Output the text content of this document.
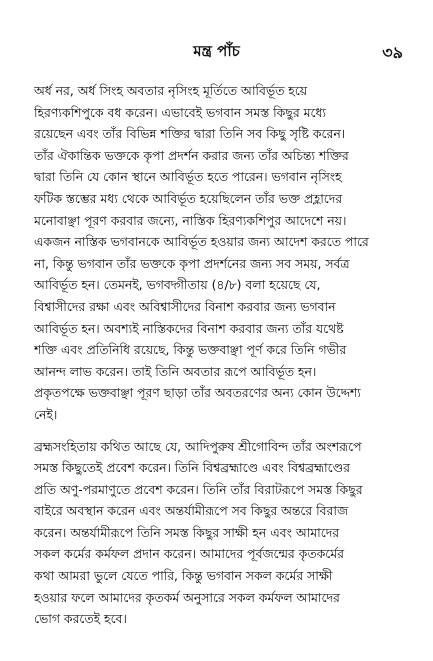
মন্ত্র পাঁচ	৩৯
অর্ধ নর, অর্ধ সিংহ অবতার নৃসিংহ মূর্তিতে আবির্ভূত হয়ে
হিরণ্যকশিপুকে বধ করেন। এভাবেই ভগবান সমস্ত কিছুর মধ্যে
রয়েছেন এবং তাঁর বিভিন্ন শক্তির দ্বারা তিনি সব কিছু সৃষ্টি করেন।
তাঁর ঐকান্তিক ভক্তকে কৃপা প্রদর্শন করার জন্য তাঁর অচিন্ত্য শক্তির
দ্বারা তিনি যে কোন স্থানে আবির্ভূত হতে পারেন। ভগবান নৃসিংহ
ফটিক স্তম্ভের মধ্য থেকে আবির্ভূত হয়েছিলেন তাঁর ভক্ত প্রহ্লাদের
মনোবাঞ্ছা পূরণ করবার জন্যে, নাস্তিক হিরণ্যকশিপুর আদেশে নয়।
একজন নাস্তিক ভগবানকে আবির্ভূত হওয়ার জন্য আদেশ করতে পারে
না, কিন্তু ভগবান তাঁর ভক্তকে কৃপা প্রদর্শনের জন্য সব সময়, সর্বত্র
আবির্ভূত হন। তেমনই, ভগবদ্গীতায় (৪/৮) বলা হয়েছে যে,
বিশ্বাসীদের রক্ষা এবং অবিশ্বাসীদের বিনাশ করবার জন্য ভগবান
আবির্ভূত হন। অবশ্যই নাস্তিকদের বিনাশ করবার জন্য তাঁর যথেষ্ট
শক্তি এবং প্রতিনিধি রয়েছে, কিন্তু ভক্তবাঞ্ছা পূর্ণ করে তিনি গভীর
আনন্দ লাভ করেন। তাই তিনি অবতার রূপে আবির্ভূত হন।
প্রকৃতপক্ষে ভক্তবাঞ্ছা পূরণ ছাড়া তাঁর অবতরণের অন্য কোন উদ্দেশ্য
নেই।
ব্রহ্মসংহিতায় কথিত আছে যে, আদিপুরুষ শ্রীগোবিন্দ তাঁর অংশরূপে
সমস্ত কিছুতেই প্রবেশ করেন। তিনি বিশ্বব্রহ্মাণ্ডে এবং বিশ্বব্রহ্মাণ্ডের
প্রতি অণু-পরমাণুতে প্রবেশ করেন। তিনি তাঁর বিরাটরূপে সমস্ত কিছুর
বাইরে অবস্থান করেন এবং অন্তর্যামীরূপে সব কিছুর অন্তরে বিরাজ
করেন। অন্তর্যামীরূপে তিনি সমস্ত কিছুর সাক্ষী হন এবং আমাদের
সকল কর্মের কর্মফল প্রদান করেন। আমাদের পূর্বজন্মের কৃতকর্মের
কথা আমরা ভুলে যেতে পারি, কিন্তু ভগবান সকল কর্মের সাক্ষী
হওয়ার ফলে আমাদের কৃতকর্ম অনুসারে সকল কর্মফল আমাদের
ভোগ করতেই হবে।
